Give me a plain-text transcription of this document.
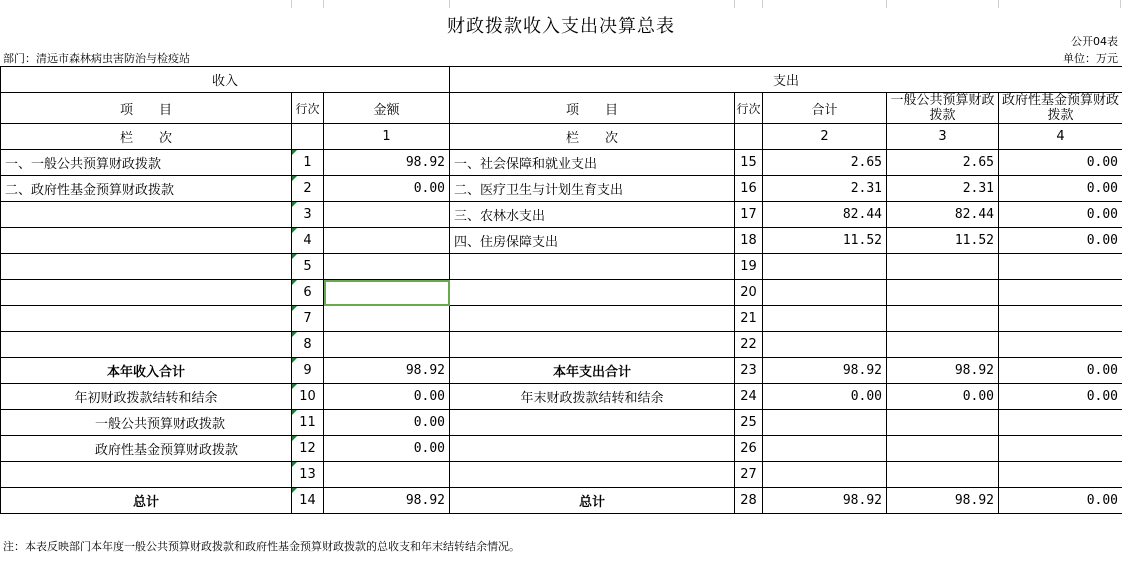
财政拨款收入支出决算总表
公开04表
部门：清远市森林病虫害防治与检疫站	单位：万元
收入			支出				
项　　目	行次	金额	项　　目	行次	合计	一般公共预算财政拨款	政府性基金预算财政拨款
栏　　次		1	栏　　次		2	3	4
一、一般公共预算财政拨款	1	98.92	一、社会保障和就业支出	15	2.65	2.65	0.00
二、政府性基金预算财政拨款	2	0.00	二、医疗卫生与计划生育支出	16	2.31	2.31	0.00
	3		三、农林水支出	17	82.44	82.44	0.00
	4		四、住房保障支出	18	11.52	11.52	0.00
	5			19			
	6			20			
	7			21			
	8			22			
本年收入合计	9	98.92	本年支出合计	23	98.92	98.92	0.00
年初财政拨款结转和结余	10	0.00	年末财政拨款结转和结余	24	0.00	0.00	0.00
一般公共预算财政拨款	11	0.00		25			
政府性基金预算财政拨款	12	0.00		26			
	13			27			
总计	14	98.92	总计	28	98.92	98.92	0.00
注：本表反映部门本年度一般公共预算财政拨款和政府性基金预算财政拨款的总收支和年末结转结余情况。
